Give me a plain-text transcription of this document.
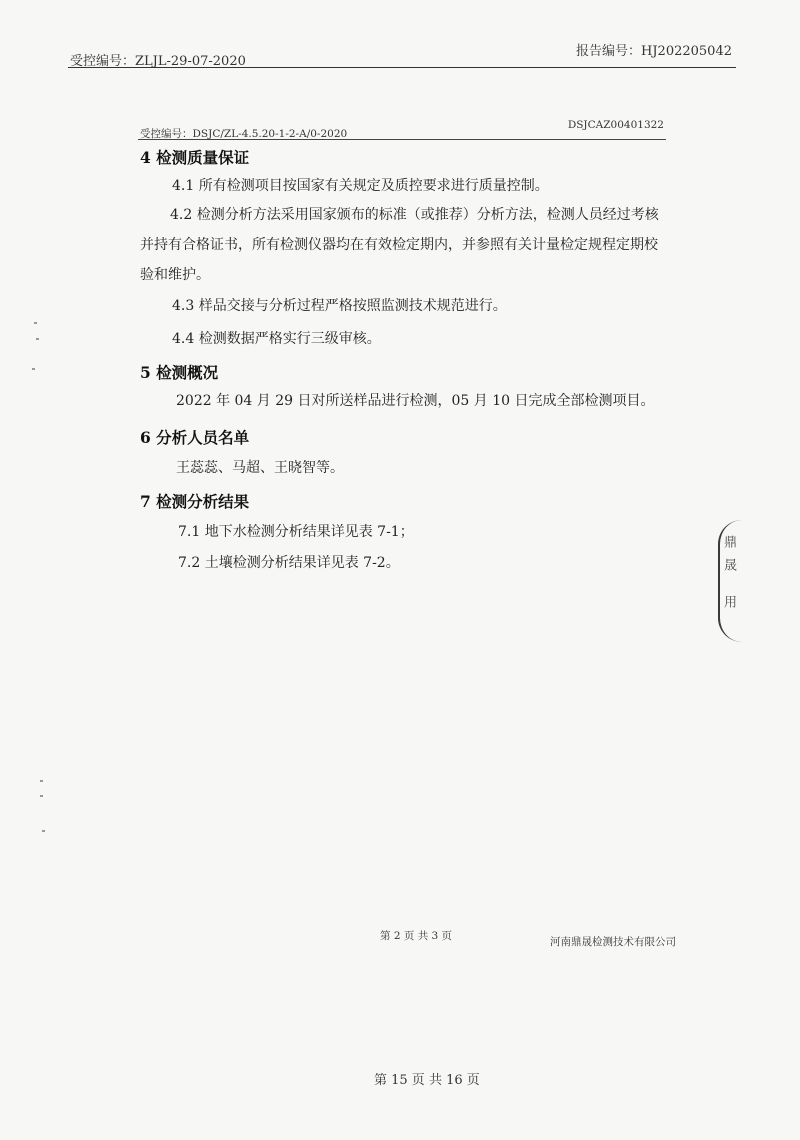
受控编号：ZLJL-29-07-2020
报告编号：HJ202205042
受控编号：DSJC/ZL-4.5.20-1-2-A/0-2020
DSJCAZ00401322
4 检测质量保证
4.1 所有检测项目按国家有关规定及质控要求进行质量控制。
4.2 检测分析方法采用国家颁布的标准（或推荐）分析方法，检测人员经过考核并持有合格证书，所有检测仪器均在有效检定期内，并参照有关计量检定规程定期校验和维护。
4.3 样品交接与分析过程严格按照监测技术规范进行。
4.4 检测数据严格实行三级审核。
5 检测概况
2022 年 04 月 29 日对所送样品进行检测，05 月 10 日完成全部检测项目。
6 分析人员名单
王蕊蕊、马超、王晓智等。
7 检测分析结果
7.1 地下水检测分析结果详见表 7-1；
7.2 土壤检测分析结果详见表 7-2。	鼎晟 用
第 2 页 共 3 页	河南鼎晟检测技术有限公司
第 15 页 共 16 页
